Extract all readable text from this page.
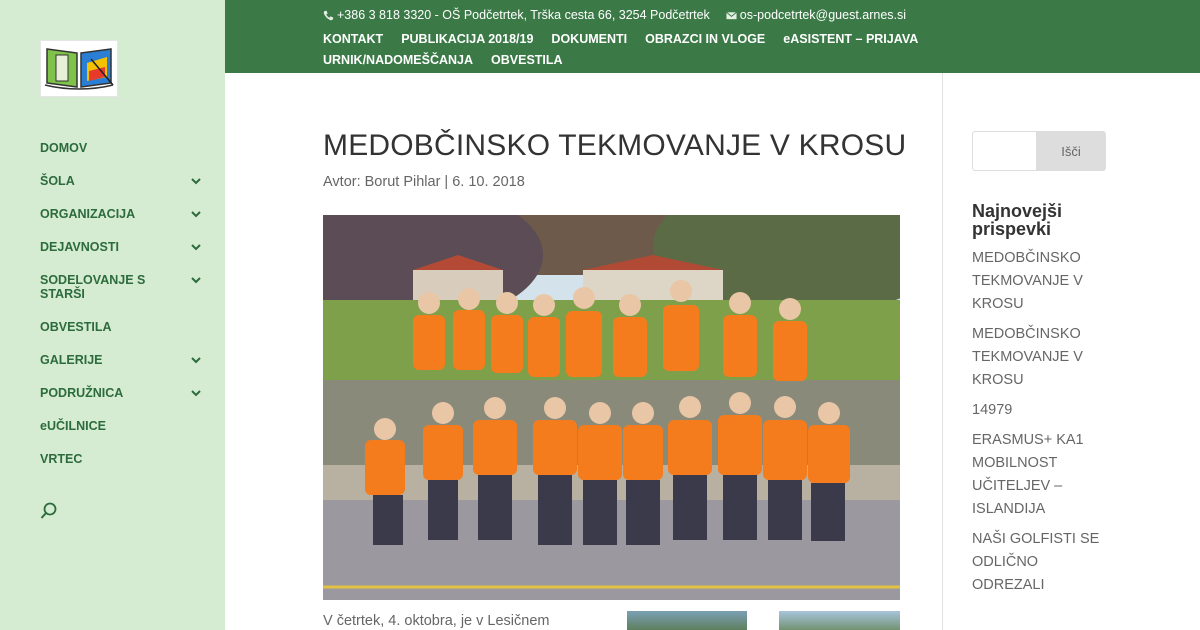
DOMOV
ŠOLA
ORGANIZACIJA
DEJAVNOSTI
SODELOVANJE S STARŠI
OBVESTILA
GALERIJE
PODRUŽNICA
eUČILNICE
VRTEC
+386 3 818 3320 - OŠ Podčetrtek, Trška cesta 66, 3254 Podčetrtek os-podcetrtek@guest.arnes.si
KONTAKT PUBLIKACIJA 2018/19 DOKUMENTI OBRAZCI IN VLOGE eASISTENT – PRIJAVAURNIK/NADOMEŠČANJA OBVESTILA
MEDOBČINSKO TEKMOVANJE V KROSU
Avtor: Borut Pihlar | 6. 10. 2018
V četrtek, 4. oktobra, je v Lesičnem
Išči
Najnovejši prispevki
MEDOBČINSKO TEKMOVANJE V KROSU
MEDOBČINSKO TEKMOVANJE V KROSU
14979
ERASMUS+ KA1 MOBILNOST UČITELJEV – ISLANDIJA
NAŠI GOLFISTI SE ODLIČNO ODREZALI
